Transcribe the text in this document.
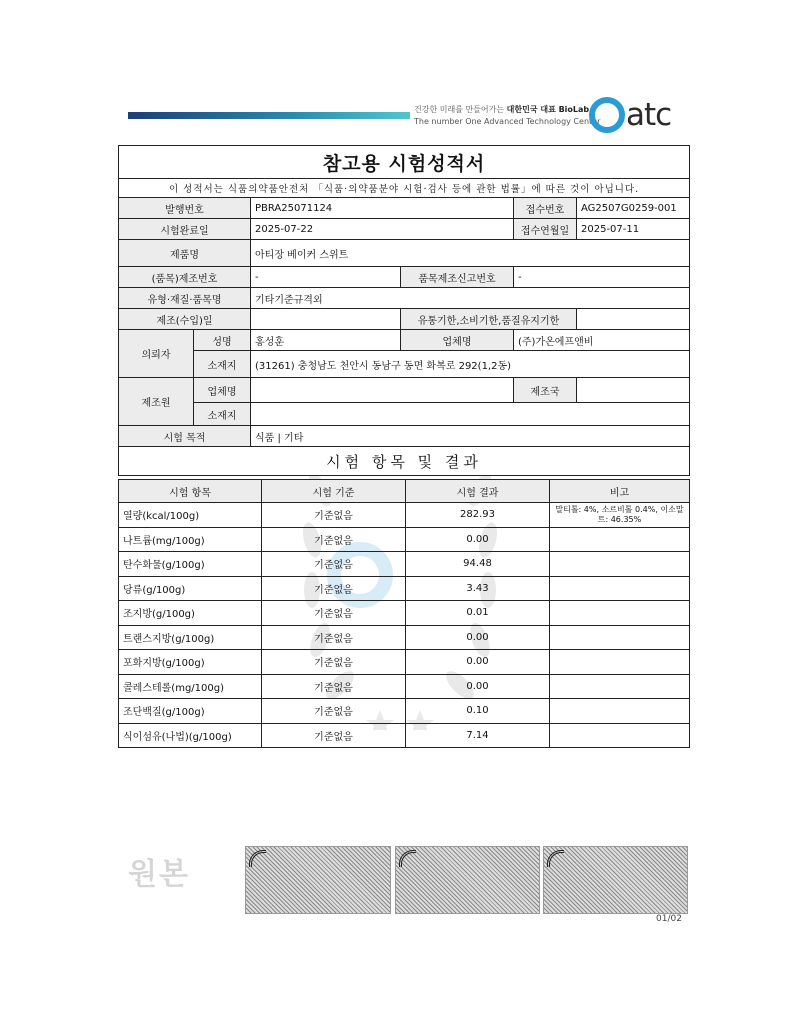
건강한 미래를 만들어가는 대한민국 대표 BioLab
The number One Advanced Technology Center atc
참고용 시험성적서					
이 성적서는 식품의약품안전처 「식품·의약품분야 시험·검사 등에 관한 법률」에 따른 것이 아닙니다.					
발행번호		PBRA25071124		접수번호	AG2507G0259-001
시험완료일		2025-07-22		접수연월일	2025-07-11
제품명		아티장 베이커 스위트			
(품목)제조번호		-	품목제조신고번호	-	
유형·재질·품목명		기타기준규격외			
제조(수입)일			유통기한,소비기한,품질유지기한		
의뢰자	성명	홍성훈	업체명	(주)가온에프앤비	
	소재지	(31261) 충청남도 천안시 동남구 동면 화복로 292(1,2동)			
제조원	업체명			제조국	
	소재지				
시험 목적		식품 | 기타			
시험 항목 및 결과					
시험 항목	시험 기준	시험 결과	비고
열량(kcal/100g)	기준없음	282.93	말티톨: 4%, 소르비톨 0.4%, 이소말트: 46.35%
나트륨(mg/100g)	기준없음	0.00	
탄수화물(g/100g)	기준없음	94.48	
당류(g/100g)	기준없음	3.43	
조지방(g/100g)	기준없음	0.01	
트랜스지방(g/100g)	기준없음	0.00	
포화지방(g/100g)	기준없음	0.00	
콜레스테롤(mg/100g)	기준없음	0.00	
조단백질(g/100g)	기준없음	0.10	
식이섬유(나법)(g/100g)	기준없음	7.14	
원본
01/02
